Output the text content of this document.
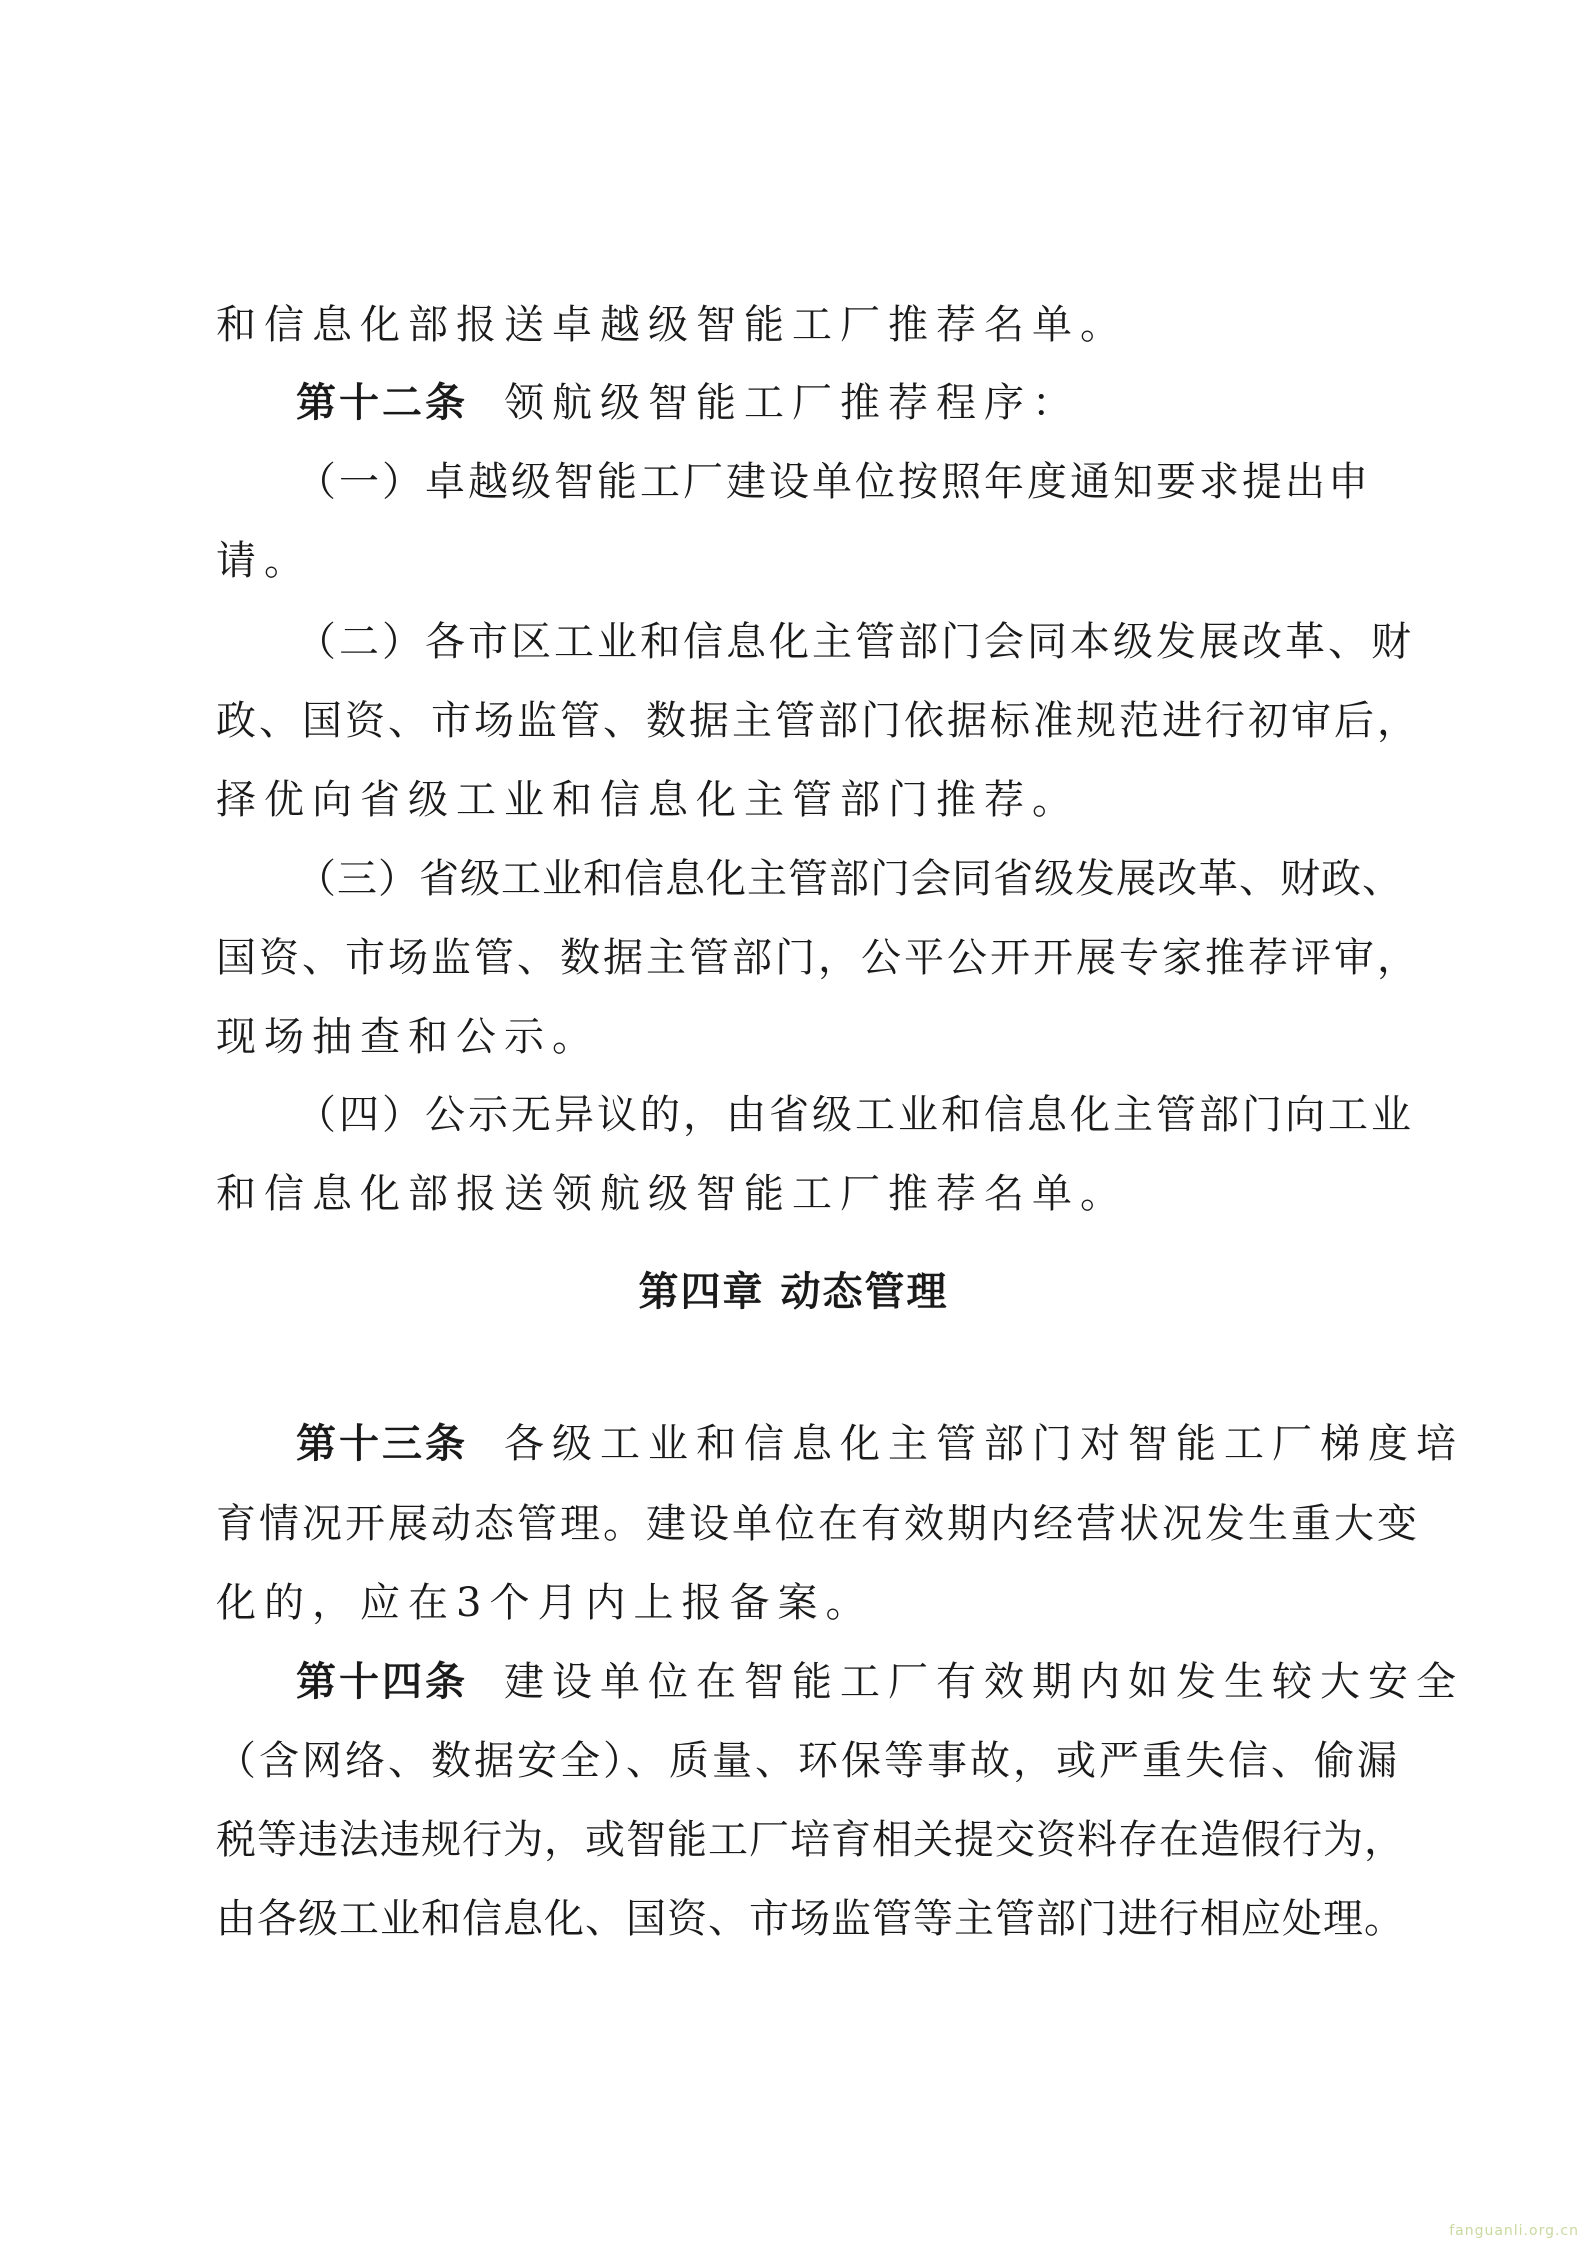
和信息化部报送卓越级智能工厂推荐名单。
第十二条 领航级智能工厂推荐程序：
（一）卓越级智能工厂建设单位按照年度通知要求提出申
请。
（二）各市区工业和信息化主管部门会同本级发展改革、财
政、国资、市场监管、数据主管部门依据标准规范进行初审后，
择优向省级工业和信息化主管部门推荐。
（三）省级工业和信息化主管部门会同省级发展改革、财政、
国资、市场监管、数据主管部门，公平公开开展专家推荐评审，
现场抽查和公示。
（四）公示无异议的，由省级工业和信息化主管部门向工业
和信息化部报送领航级智能工厂推荐名单。
第四章 动态管理
第十三条 各级工业和信息化主管部门对智能工厂梯度培
育情况开展动态管理。建设单位在有效期内经营状况发生重大变
化的，应在3个月内上报备案。
第十四条 建设单位在智能工厂有效期内如发生较大安全
（含网络、数据安全）、质量、环保等事故，或严重失信、偷漏
税等违法违规行为，或智能工厂培育相关提交资料存在造假行为，
由各级工业和信息化、国资、市场监管等主管部门进行相应处理。
fanguanli.org.cn
